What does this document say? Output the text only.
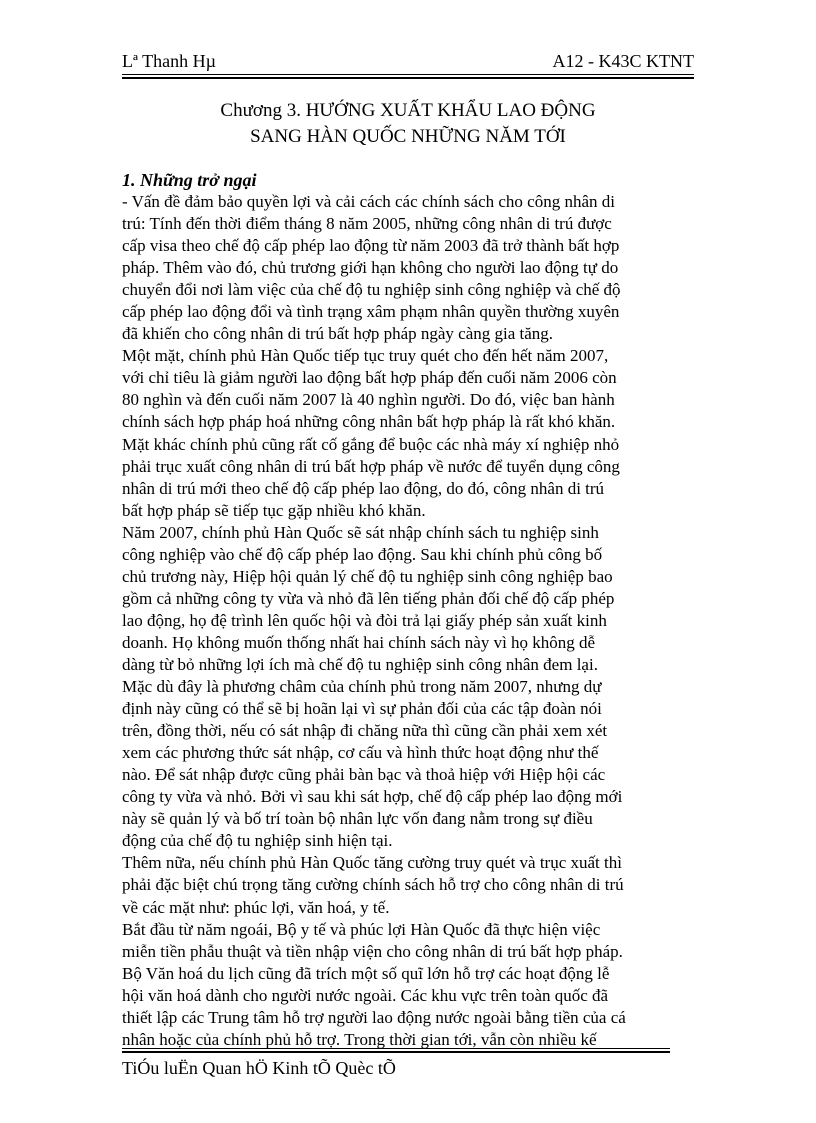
Lª Thanh Hµ	A12 - K43C KTNT
Chương 3. HƯỚNG XUẤT KHẨU LAO ĐỘNG
SANG HÀN QUỐC NHỮNG NĂM TỚI
1. Những trở ngại
- Vấn đề đảm bảo quyền lợi và cải cách các chính sách cho công nhân di
trú: Tính đến thời điểm tháng 8 năm 2005, những công nhân di trú được
cấp visa theo chế độ cấp phép lao động từ năm 2003 đã trở thành bất hợp
pháp. Thêm vào đó, chủ trương giới hạn không cho người lao động tự do
chuyển đổi nơi làm việc của chế độ tu nghiệp sinh công nghiệp và chế độ
cấp phép lao động đổi và tình trạng xâm phạm nhân quyền thường xuyên
đã khiến cho công nhân di trú bất hợp pháp ngày càng gia tăng.
Một mặt, chính phủ Hàn Quốc tiếp tục truy quét cho đến hết năm 2007,
với chỉ tiêu là giảm người lao động bất hợp pháp đến cuối năm 2006 còn
80 nghìn và đến cuối năm 2007 là 40 nghìn người. Do đó, việc ban hành
chính sách hợp pháp hoá những công nhân bất hợp pháp là rất khó khăn.
Mặt khác chính phủ cũng rất cố gắng để buộc các nhà máy xí nghiệp nhỏ
phải trục xuất công nhân di trú bất hợp pháp về nước để tuyển dụng công
nhân di trú mới theo chế độ cấp phép lao động, do đó, công nhân di trú
bất hợp pháp sẽ tiếp tục gặp nhiều khó khăn.
Năm 2007, chính phủ Hàn Quốc sẽ sát nhập chính sách tu nghiệp sinh
công nghiệp vào chế độ cấp phép lao động. Sau khi chính phủ công bố
chủ trương này, Hiệp hội quản lý chế độ tu nghiệp sinh công nghiệp bao
gồm cả những công ty vừa và nhỏ đã lên tiếng phản đối chế độ cấp phép
lao động, họ đệ trình lên quốc hội và đòi trả lại giấy phép sản xuất kinh
doanh. Họ không muốn thống nhất hai chính sách này vì họ không dễ
dàng từ bỏ những lợi ích mà chế độ tu nghiệp sinh công nhân đem lại.
Mặc dù đây là phương châm của chính phủ trong năm 2007, nhưng dự
định này cũng có thể sẽ bị hoãn lại vì sự phản đối của các tập đoàn nói
trên, đồng thời, nếu có sát nhập đi chăng nữa thì cũng cần phải xem xét
xem các phương thức sát nhập, cơ cấu và hình thức hoạt động như thế
nào. Để sát nhập được cũng phải bàn bạc và thoả hiệp với Hiệp hội các
công ty vừa và nhỏ. Bởi vì sau khi sát hợp, chế độ cấp phép lao động mới
này sẽ quản lý và bố trí toàn bộ nhân lực vốn đang nằm trong sự điều
động của chế độ tu nghiệp sinh hiện tại.
Thêm nữa, nếu chính phủ Hàn Quốc tăng cường truy quét và trục xuất thì
phải đặc biệt chú trọng tăng cường chính sách hỗ trợ cho công nhân di trú
về các mặt như: phúc lợi, văn hoá, y tế.
Bắt đầu từ năm ngoái, Bộ y tế và phúc lợi Hàn Quốc đã thực hiện việc
miễn tiền phẫu thuật và tiền nhập viện cho công nhân di trú bất hợp pháp.
Bộ Văn hoá du lịch cũng đã trích một số quĩ lớn hỗ trợ các hoạt động lễ
hội văn hoá dành cho người nước ngoài. Các khu vực trên toàn quốc đã
thiết lập các Trung tâm hỗ trợ người lao động nước ngoài bằng tiền của cá
nhân hoặc của chính phủ hỗ trợ. Trong thời gian tới, vẫn còn nhiều kế
TiÓu luËn Quan hÖ Kinh tÕ Quèc tÕ
